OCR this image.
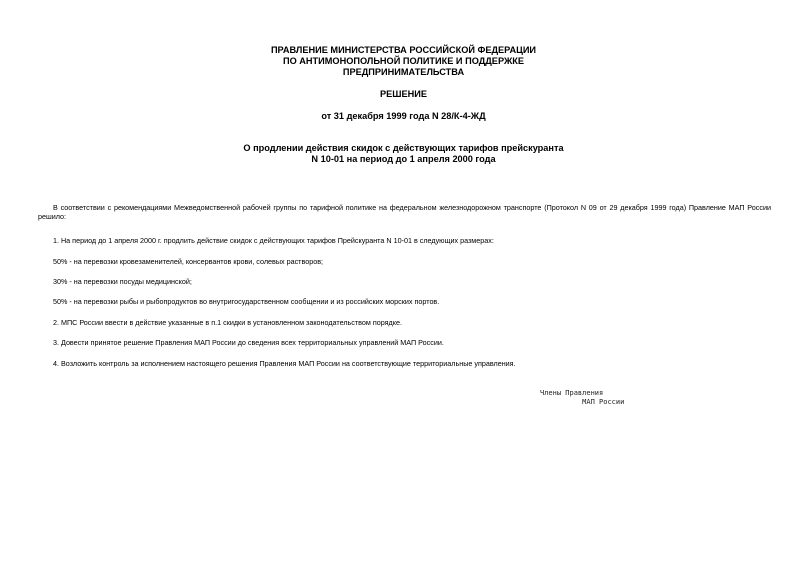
ПРАВЛЕНИЕ МИНИСТЕРСТВА РОССИЙСКОЙ ФЕДЕРАЦИИ
ПО АНТИМОНОПОЛЬНОЙ ПОЛИТИКЕ И ПОДДЕРЖКЕ
ПРЕДПРИНИМАТЕЛЬСТВА
РЕШЕНИЕ
от 31 декабря 1999 года N 28/К-4-ЖД
О продлении действия скидок с действующих тарифов прейскуранта
N 10-01 на период до 1 апреля 2000 года
В соответствии с рекомендациями Межведомственной рабочей группы по тарифной политике на федеральном железнодорожном транспорте (Протокол N 09 от 29 декабря 1999 года) Правление МАП России решило:
1. На период до 1 апреля 2000 г. продлить действие скидок с действующих тарифов Прейскуранта N 10-01 в следующих размерах:
50% - на перевозки кровезаменителей, консервантов крови, солевых растворов;
30% - на перевозки посуды медицинской;
50% - на перевозки рыбы и рыбопродуктов во внутригосударственном сообщении и из российских морских портов.
2. МПС России ввести в действие указанные в п.1 скидки в установленном законодательством порядке.
3. Довести принятое решение Правления МАП России до сведения всех территориальных управлений МАП России.
4. Возложить контроль за исполнением настоящего решения Правления МАП России на соответствующие территориальные управления.
Члены Правления
МАП России
